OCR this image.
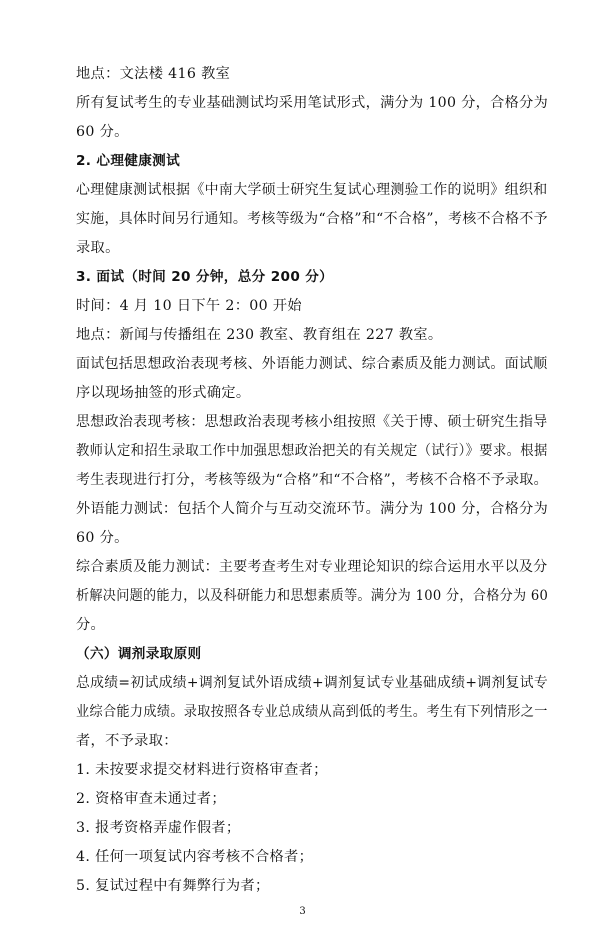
地点：文法楼 416 教室
所有复试考生的专业基础测试均采用笔试形式，满分为 100 分，合格分为
60 分。
2. 心理健康测试
心理健康测试根据《中南大学硕士研究生复试心理测验工作的说明》组织和
实施，具体时间另行通知。考核等级为“合格”和“不合格”，考核不合格不予
录取。
3. 面试（时间 20 分钟，总分 200 分）
时间：4 月 10 日下午 2：00 开始
地点：新闻与传播组在 230 教室、教育组在 227 教室。
面试包括思想政治表现考核、外语能力测试、综合素质及能力测试。面试顺
序以现场抽签的形式确定。
思想政治表现考核：思想政治表现考核小组按照《关于博、硕士研究生指导
教师认定和招生录取工作中加强思想政治把关的有关规定（试行）》要求。根据
考生表现进行打分，考核等级为“合格”和“不合格”，考核不合格不予录取。
外语能力测试：包括个人简介与互动交流环节。满分为 100 分，合格分为
60 分。
综合素质及能力测试：主要考查考生对专业理论知识的综合运用水平以及分
析解决问题的能力，以及科研能力和思想素质等。满分为 100 分，合格分为 60
分。
（六）调剂录取原则
总成绩=初试成绩+调剂复试外语成绩+调剂复试专业基础成绩+调剂复试专
业综合能力成绩。录取按照各专业总成绩从高到低的考生。考生有下列情形之一
者，不予录取：
1. 未按要求提交材料进行资格审查者；
2. 资格审查未通过者；
3. 报考资格弄虚作假者；
4. 任何一项复试内容考核不合格者；
5. 复试过程中有舞弊行为者；
3
